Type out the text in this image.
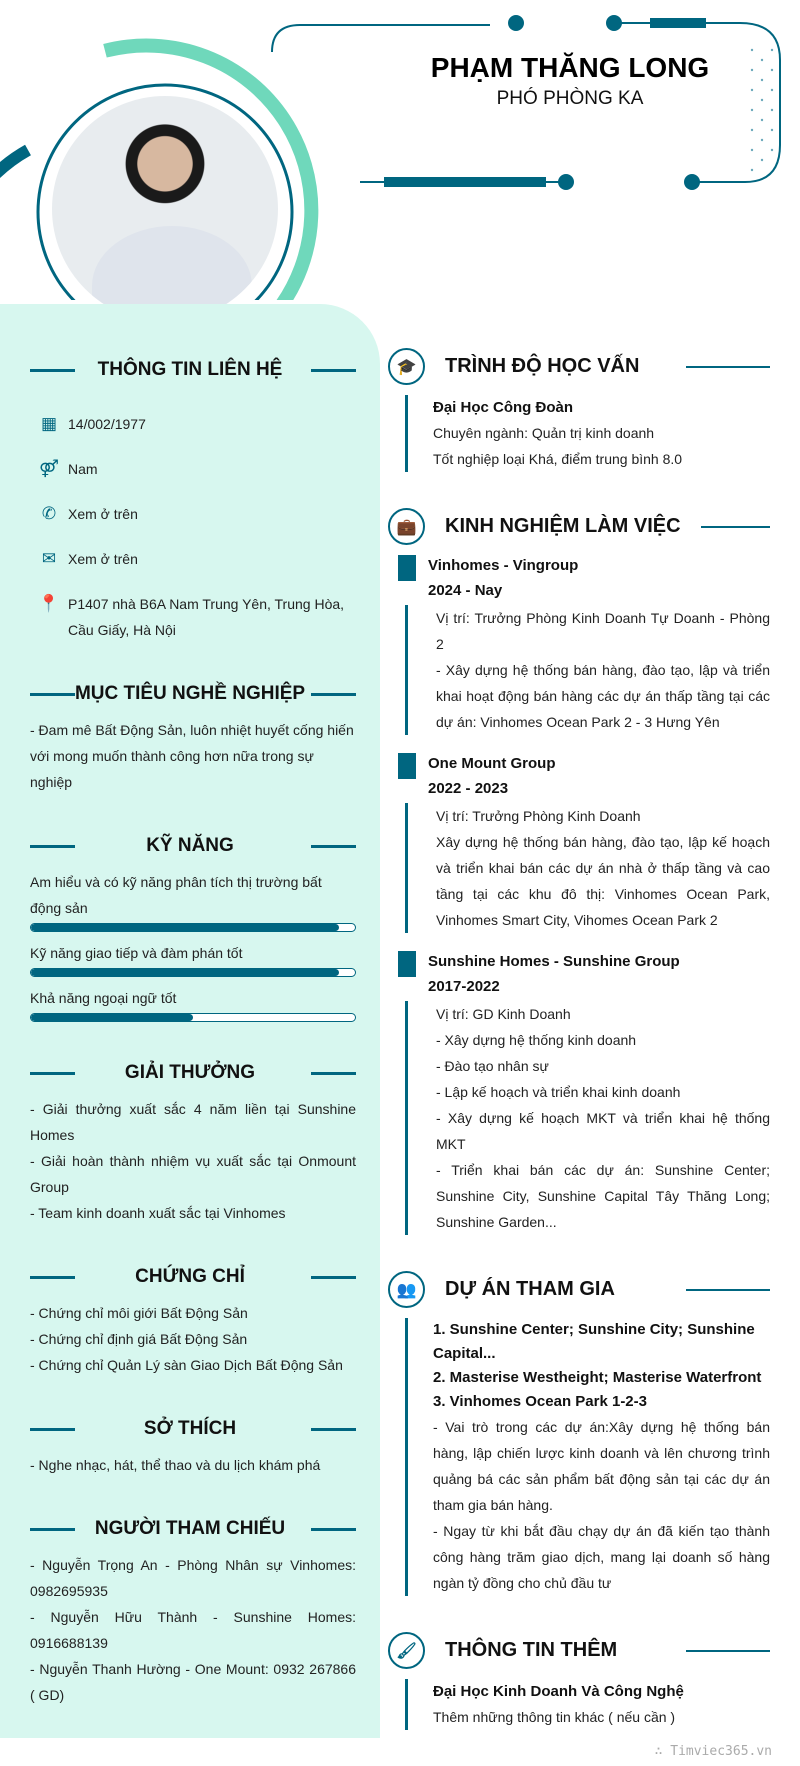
PHẠM THĂNG LONG
PHÓ PHÒNG KA
THÔNG TIN LIÊN HỆ
▦ 14/002/1977
⚤ Nam
✆ Xem ở trên
✉ Xem ở trên
📍 P1407 nhà B6A Nam Trung Yên, Trung Hòa, Cầu Giấy, Hà Nội
MỤC TIÊU NGHỀ NGHIỆP
- Đam mê Bất Động Sản, luôn nhiệt huyết cống hiến với mong muốn thành công hơn nữa trong sự nghiệp
KỸ NĂNG
Am hiểu và có kỹ năng phân tích thị trường bất động sản
Kỹ năng giao tiếp và đàm phán tốt
Khả năng ngoại ngữ tốt
GIẢI THƯỞNG
- Giải thưởng xuất sắc 4 năm liền tại Sunshine Homes
- Giải hoàn thành nhiệm vụ xuất sắc tại Onmount Group
- Team kinh doanh xuất sắc tại Vinhomes
CHỨNG CHỈ
- Chứng chỉ môi giới Bất Động Sản
- Chứng chỉ định giá Bất Động Sản
- Chứng chỉ Quản Lý sàn Giao Dịch Bất Động Sản
SỞ THÍCH
- Nghe nhạc, hát, thể thao và du lịch khám phá
NGƯỜI THAM CHIẾU
- Nguyễn Trọng An - Phòng Nhân sự Vinhomes: 0982695935
- Nguyễn Hữu Thành - Sunshine Homes: 0916688139
- Nguyễn Thanh Hường - One Mount: 0932 267866 ( GD)
🎓	TRÌNH ĐỘ HỌC VẤN
Đại Học Công Đoàn
Chuyên ngành: Quản trị kinh doanh
Tốt nghiệp loại Khá, điểm trung bình 8.0
💼	KINH NGHIỆM LÀM VIỆC
Vinhomes - Vingroup
2024 - Nay
Vị trí: Trưởng Phòng Kinh Doanh Tự Doanh - Phòng 2
- Xây dựng hệ thống bán hàng, đào tạo, lập và triển khai hoạt động bán hàng các dự án thấp tầng tại các dự án: Vinhomes Ocean Park 2 - 3 Hưng Yên
One Mount Group
2022 - 2023
Vị trí: Trưởng Phòng Kinh Doanh
Xây dựng hệ thống bán hàng, đào tạo, lập kế hoạch và triển khai bán các dự án nhà ở thấp tầng và cao tầng tại các khu đô thị: Vinhomes Ocean Park, Vinhomes Smart City, Vihomes Ocean Park 2
Sunshine Homes - Sunshine Group
2017-2022
Vị trí: GD Kinh Doanh
- Xây dựng hệ thống kinh doanh
- Đào tạo nhân sự
- Lập kế hoạch và triển khai kinh doanh
- Xây dựng kế hoạch MKT và triển khai hệ thống MKT
- Triển khai bán các dự án: Sunshine Center; Sunshine City, Sunshine Capital Tây Thăng Long; Sunshine Garden...
👥	DỰ ÁN THAM GIA
1. Sunshine Center; Sunshine City; Sunshine Capital...
2. Masterise Westheight; Masterise Waterfront
3. Vinhomes Ocean Park 1-2-3
- Vai trò trong các dự án:Xây dựng hệ thống bán hàng, lập chiến lược kinh doanh và lên chương trình quảng bá các sản phẩm bất động sản tại các dự án tham gia bán hàng.
- Ngay từ khi bắt đầu chạy dự án đã kiến tạo thành công hàng trăm giao dịch, mang lại doanh số hàng ngàn tỷ đồng cho chủ đầu tư
🖌	THÔNG TIN THÊM
Đại Học Kinh Doanh Và Công Nghệ
Thêm những thông tin khác ( nếu cần )
∴ Timviec365.vn
